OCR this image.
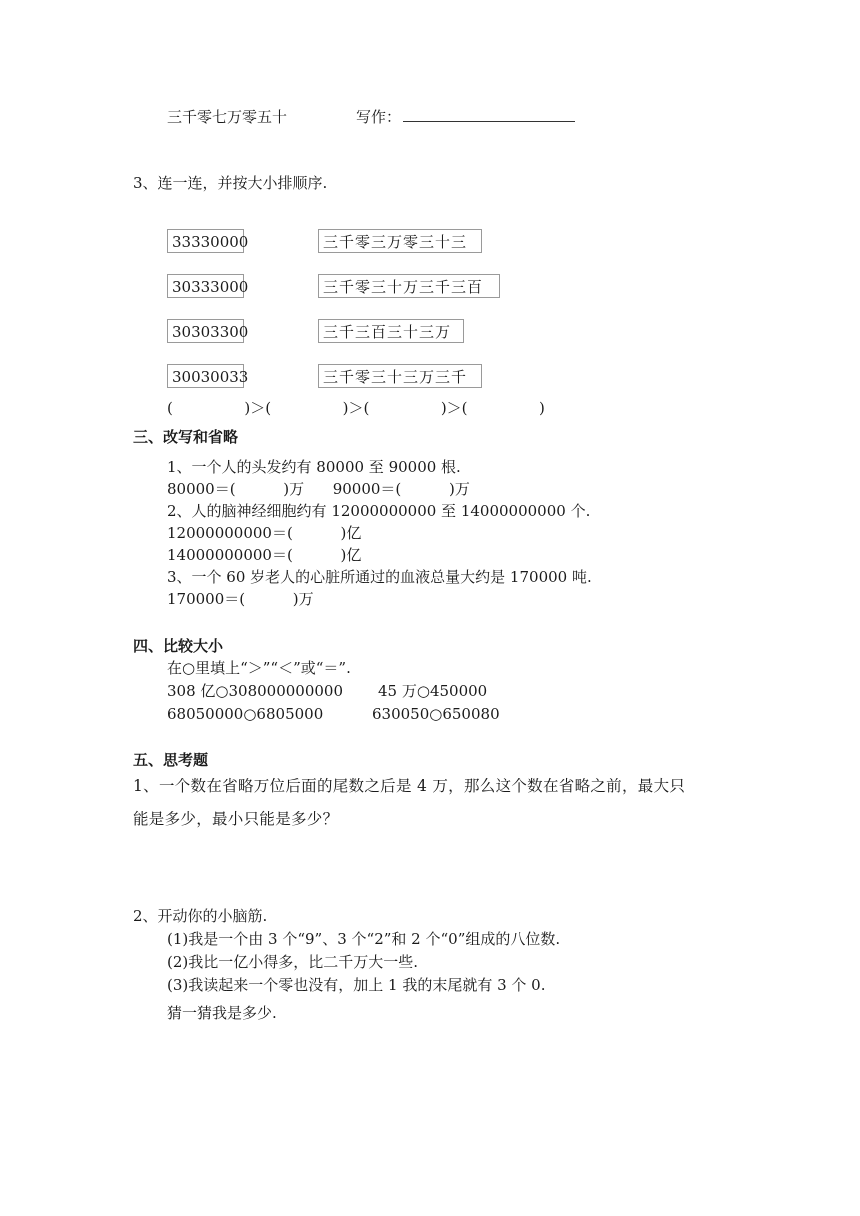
三千零七万零五十	写作：
3、连一连，并按大小排顺序.
33330000
30333000
30303300
30030033
三千零三万零三十三
三千零三十万三千三百
三千三百三十三万
三千零三十三万三千
(               )＞(               )＞(               )＞(               )
三、改写和省略
1、一个人的头发约有 80000 至 90000 根.
80000＝(          )万      90000＝(          )万
2、人的脑神经细胞约有 12000000000 至 14000000000 个.
12000000000＝(          )亿
14000000000＝(          )亿
3、一个 60 岁老人的心脏所通过的血液总量大约是 170000 吨.
170000＝(          )万
四、比较大小
在○里填上“＞”“＜”或“＝”.
308 亿○308000000000 45 万○450000
68050000○6805000	630050○650080
五、思考题
1、一个数在省略万位后面的尾数之后是 4 万，那么这个数在省略之前，最大只
能是多少，最小只能是多少？
2、开动你的小脑筋.
(1)我是一个由 3 个“9”、3 个“2”和 2 个“0”组成的八位数.
(2)我比一亿小得多，比二千万大一些.
(3)我读起来一个零也没有，加上 1 我的末尾就有 3 个 0.
猜一猜我是多少.
